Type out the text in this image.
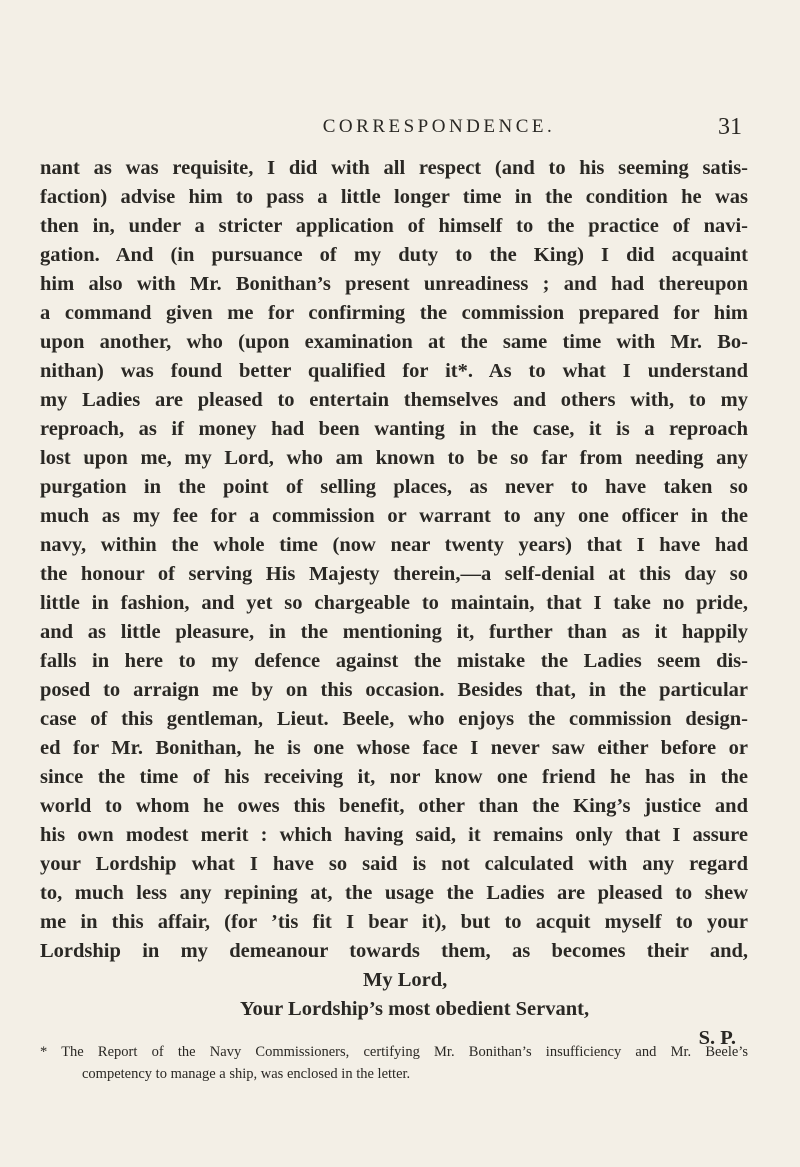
CORRESPONDENCE.	31
nant as was requisite, I did with all respect (and to his seeming satis-
faction) advise him to pass a little longer time in the condition he was
then in, under a stricter application of himself to the practice of navi-
gation. And (in pursuance of my duty to the King) I did acquaint
him also with Mr. Bonithan’s present unreadiness ; and had thereupon
a command given me for confirming the commission prepared for him
upon another, who (upon examination at the same time with Mr. Bo-
nithan) was found better qualified for it*. As to what I understand
my Ladies are pleased to entertain themselves and others with, to my
reproach, as if money had been wanting in the case, it is a reproach
lost upon me, my Lord, who am known to be so far from needing any
purgation in the point of selling places, as never to have taken so
much as my fee for a commission or warrant to any one officer in the
navy, within the whole time (now near twenty years) that I have had
the honour of serving His Majesty therein,—a self-denial at this day so
little in fashion, and yet so chargeable to maintain, that I take no pride,
and as little pleasure, in the mentioning it, further than as it happily
falls in here to my defence against the mistake the Ladies seem dis-
posed to arraign me by on this occasion. Besides that, in the particular
case of this gentleman, Lieut. Beele, who enjoys the commission design-
ed for Mr. Bonithan, he is one whose face I never saw either before or
since the time of his receiving it, nor know one friend he has in the
world to whom he owes this benefit, other than the King’s justice and
his own modest merit : which having said, it remains only that I assure
your Lordship what I have so said is not calculated with any regard
to, much less any repining at, the usage the Ladies are pleased to shew
me in this affair, (for ’tis fit I bear it), but to acquit myself to your
Lordship in my demeanour towards them, as becomes their and,
My Lord,
Your Lordship’s most obedient Servant,
S. P.
* The Report of the Navy Commissioners, certifying Mr. Bonithan’s insufficiency and Mr. Beele’s
competency to manage a ship, was enclosed in the letter.
